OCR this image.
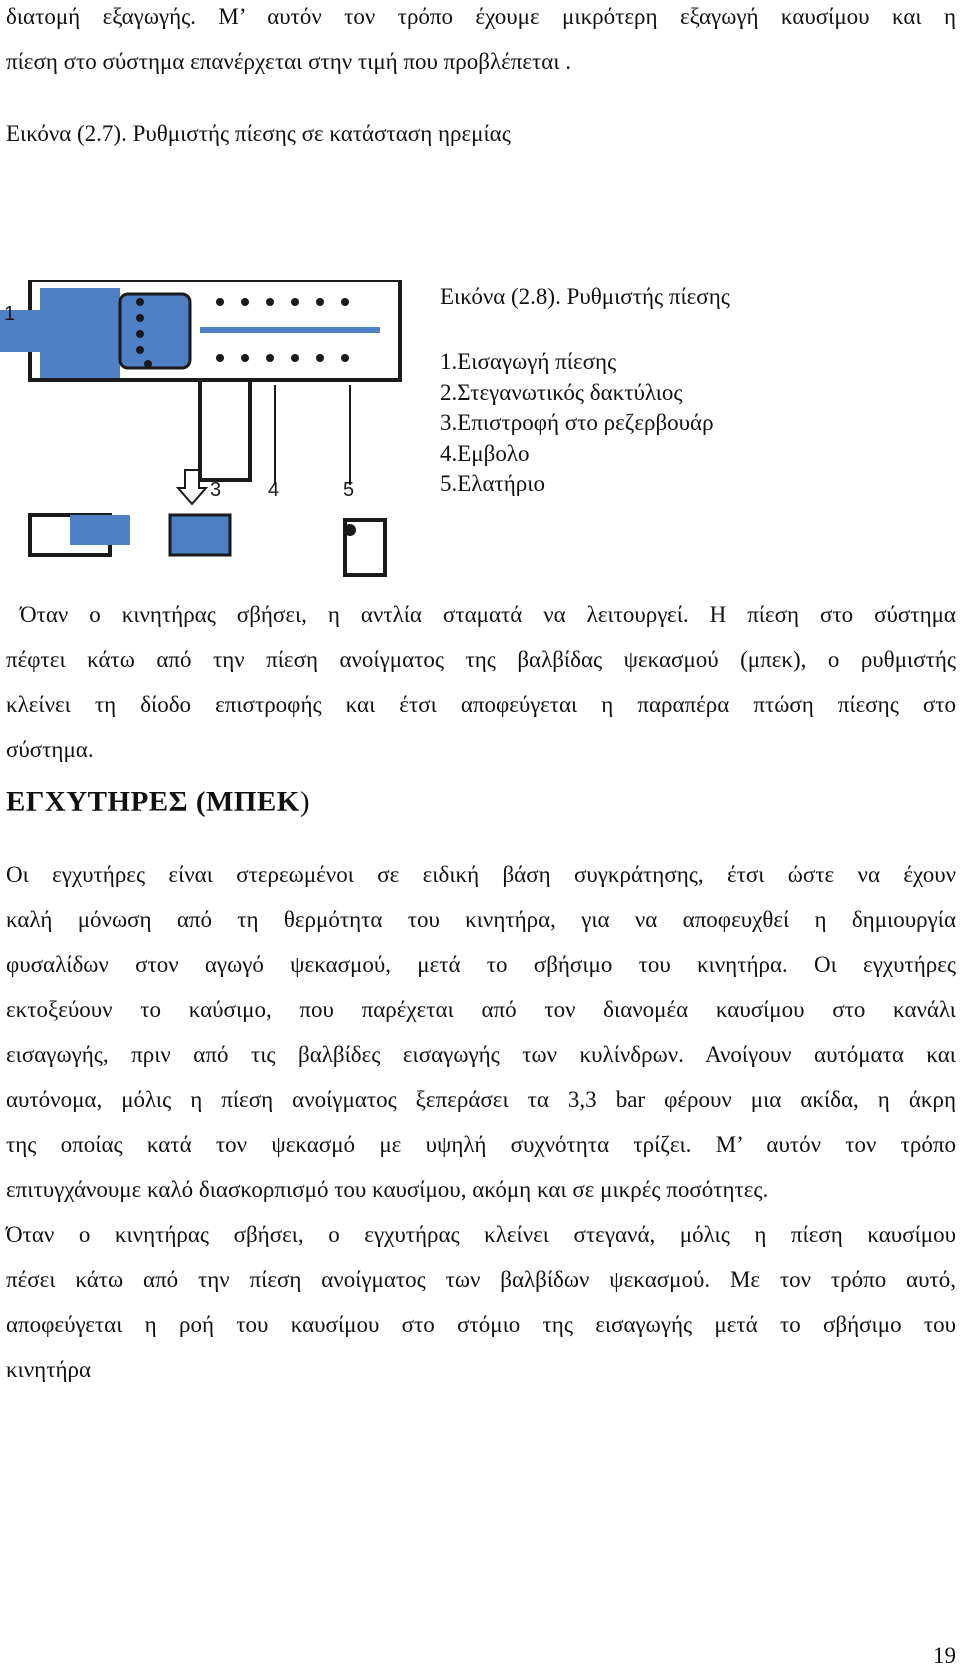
διατομή εξαγωγής. Μ’ αυτόν τον τρόπο έχουμε μικρότερη εξαγωγή καυσίμου και η
πίεση στο σύστημα επανέρχεται στην τιμή που προβλέπεται .
Εικόνα (2.7). Ρυθμιστής πίεσης σε κατάσταση ηρεμίας
1
3 4	5
Εικόνα (2.8). Ρυθμιστής πίεσης
1.Εισαγωγή πίεσης
2.Στεγανωτικός δακτύλιος
3.Επιστροφή στο ρεζερβουάρ
4.Εμβολο
5.Ελατήριο
Όταν ο κινητήρας σβήσει, η αντλία σταματά να λειτουργεί. Η πίεση στο σύστημα
πέφτει κάτω από την πίεση ανοίγματος της βαλβίδας ψεκασμού (μπεκ), ο ρυθμιστής
κλείνει τη δίοδο επιστροφής και έτσι αποφεύγεται η παραπέρα πτώση πίεσης στο
σύστημα.
ΕΓΧΥΤΗΡΕΣ (ΜΠΕΚ)
Οι εγχυτήρες είναι στερεωμένοι σε ειδική βάση συγκράτησης, έτσι ώστε να έχουν
καλή μόνωση από τη θερμότητα του κινητήρα, για να αποφευχθεί η δημιουργία
φυσαλίδων στον αγωγό ψεκασμού, μετά το σβήσιμο του κινητήρα. Οι εγχυτήρες
εκτοξεύουν το καύσιμο, που παρέχεται από τον διανομέα καυσίμου στο κανάλι
εισαγωγής, πριν από τις βαλβίδες εισαγωγής των κυλίνδρων. Ανοίγουν αυτόματα και
αυτόνομα, μόλις η πίεση ανοίγματος ξεπεράσει τα 3,3 bar φέρουν μια ακίδα, η άκρη
της οποίας κατά τον ψεκασμό με υψηλή συχνότητα τρίζει. Μ’ αυτόν τον τρόπο
επιτυγχάνουμε καλό διασκορπισμό του καυσίμου, ακόμη και σε μικρές ποσότητες.
Όταν ο κινητήρας σβήσει, ο εγχυτήρας κλείνει στεγανά, μόλις η πίεση καυσίμου
πέσει κάτω από την πίεση ανοίγματος των βαλβίδων ψεκασμού. Με τον τρόπο αυτό,
αποφεύγεται η ροή του καυσίμου στο στόμιο της εισαγωγής μετά το σβήσιμο του
κινητήρα
19
